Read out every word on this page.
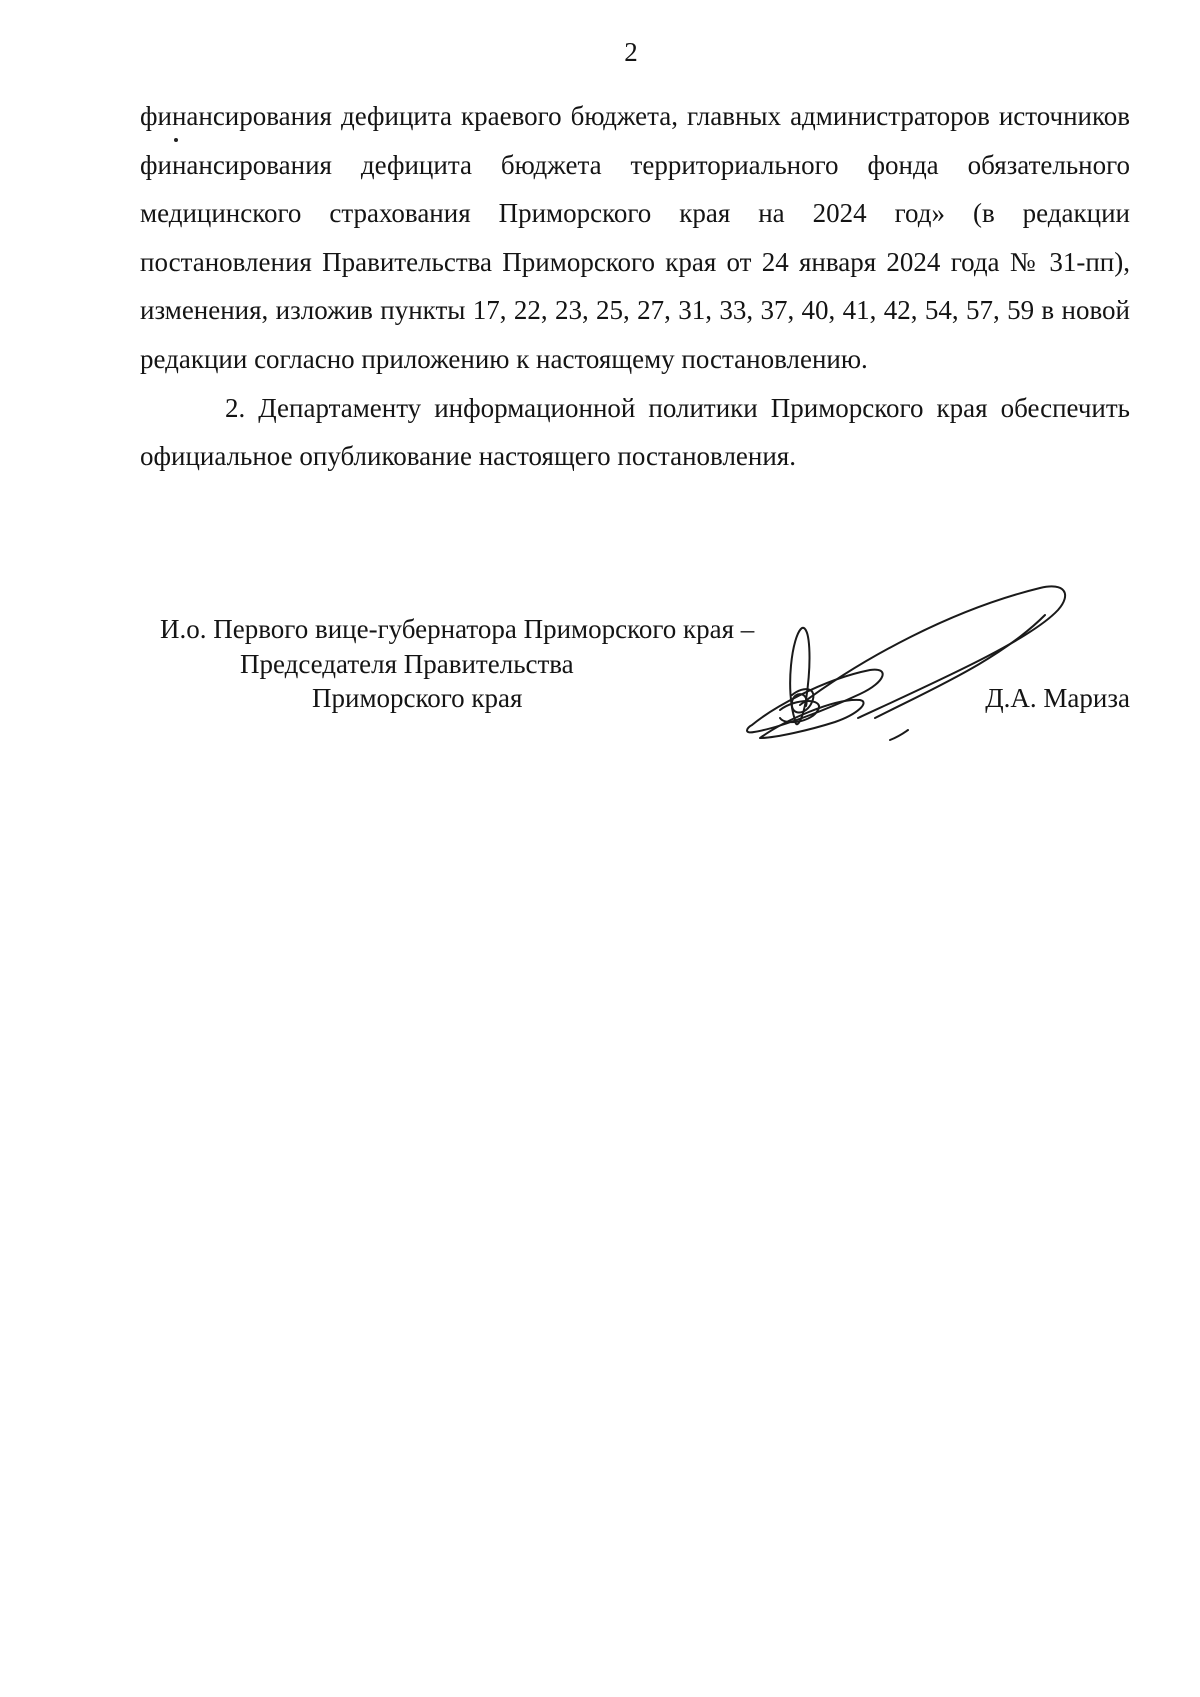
2

финансирования дефицита краевого бюджета, главных администраторов источников финансирования дефицита бюджета территориального фонда обязательного медицинского страхования Приморского края на 2024 год» (в редакции постановления Правительства Приморского края от 24 января 2024 года № 31-пп), изменения, изложив пункты 17, 22, 23, 25, 27, 31, 33, 37, 40, 41, 42, 54, 57, 59 в новой редакции согласно приложению к настоящему постановлению.

2. Департаменту информационной политики Приморского края обеспечить официальное опубликование настоящего постановления.

И.о. Первого вице-губернатора Приморского края –
Председателя Правительства
Приморского края	Д.А. Мариза
